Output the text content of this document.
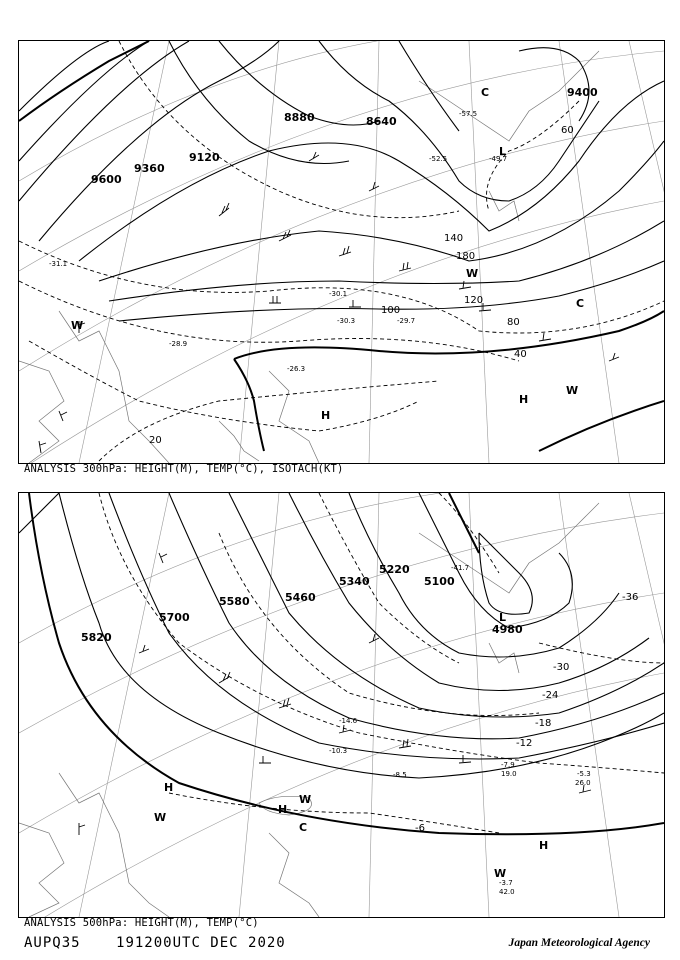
9600
9360
9120
8880	8640
9400
20
40
80
100
120
140
180
60
-26.3
-28.9
-29.7
-30.1
-30.3
-31.1
-49.7
-52.5
-57.5
H
H
L
C
C
W
W
W
ANALYSIS 300hPa: HEIGHT(M), TEMP(°C), ISOTACH(KT)
5820
5700
5580	5460
5340
5220
5100
4980
-6
-12
-18
-24
-30
-36
-5.3
-7.9
-8.5
-10.3
-14.6
-41.7
-3.7
26.0
19.0
42.0
H
H
H
L
W
W
W
C
ANALYSIS 500hPa: HEIGHT(M), TEMP(°C)
AUPQ35	191200UTC DEC 2020	Japan Meteorological Agency
